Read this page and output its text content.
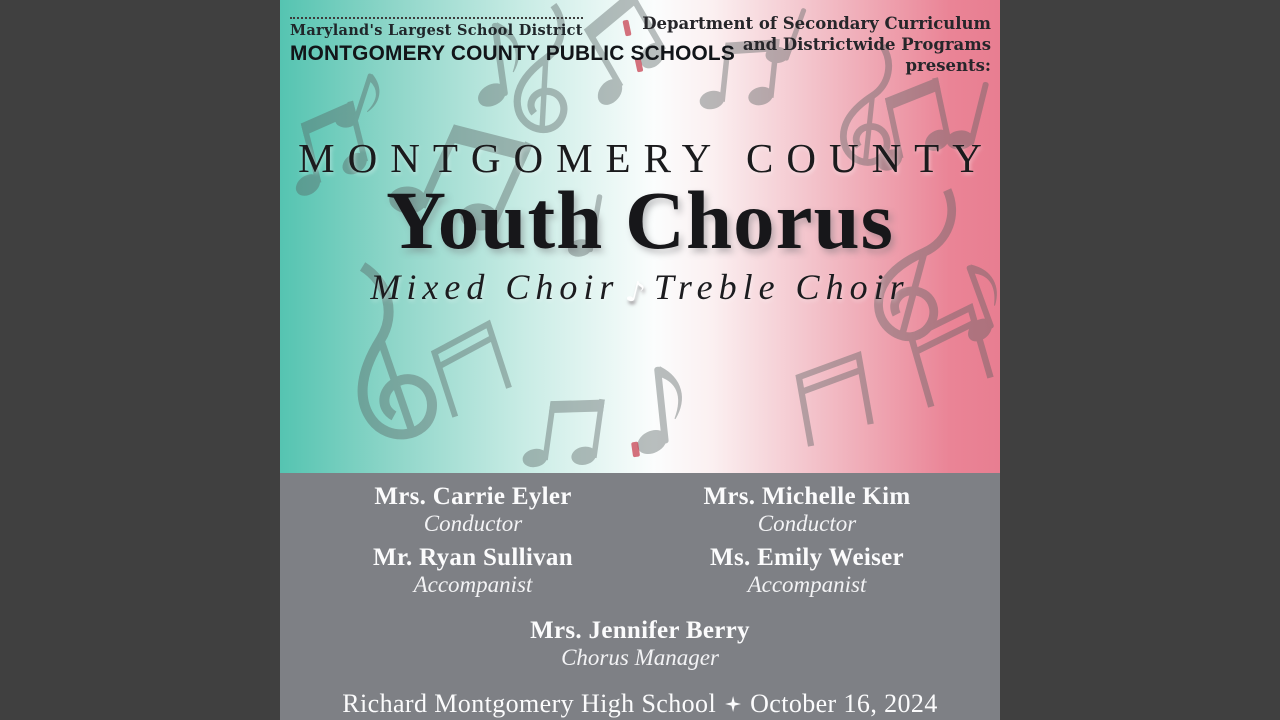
Maryland's Largest School District
MONTGOMERY COUNTY PUBLIC SCHOOLS
Department of Secondary Curriculum
and Districtwide Programs
presents:
MONTGOMERY COUNTY
Youth Chorus
Mixed Choir ♪ Treble Choir
Mrs. Carrie Eyler
Conductor
Mrs. Michelle Kim
Conductor
Mr. Ryan Sullivan
Accompanist
Ms. Emily Weiser
Accompanist
Mrs. Jennifer Berry
Chorus Manager
Richard Montgomery High School October 16, 2024
